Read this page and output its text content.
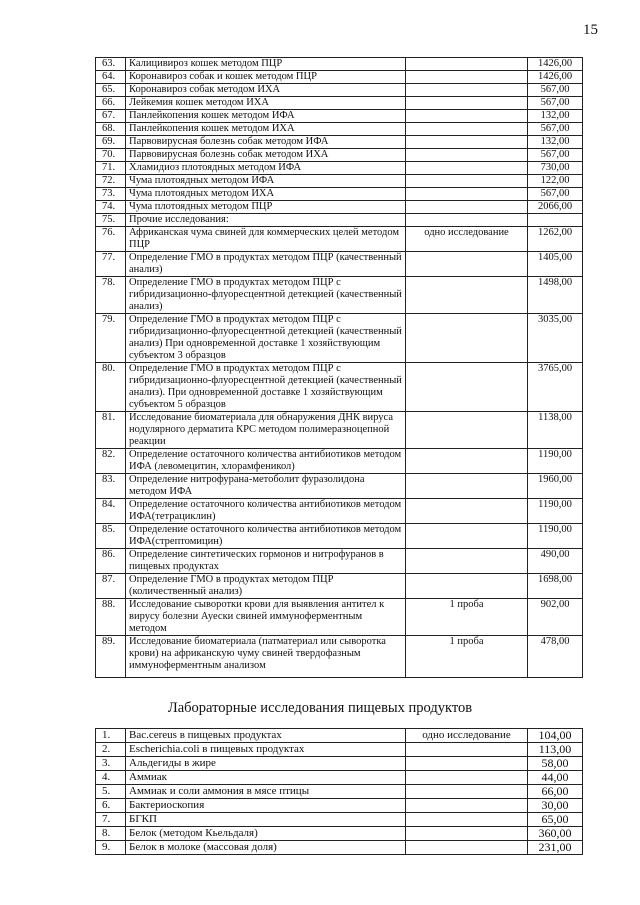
15
63.	Калицивироз кошек методом ПЦР		1426,00
64.	Коронавироз собак и кошек методом ПЦР		1426,00
65.	Коронавироз собак методом ИХА		567,00
66.	Лейкемия кошек методом ИХА		567,00
67.	Панлейкопения кошек методом ИФА		132,00
68.	Панлейкопения кошек методом ИХА		567,00
69.	Парвовирусная болезнь собак методом ИФА		132,00
70.	Парвовирусная болезнь собак методом ИХА		567,00
71.	Хламидиоз плотоядных методом ИФА		730,00
72.	Чума плотоядных методом ИФА		122,00
73.	Чума плотоядных методом ИХА		567,00
74.	Чума плотоядных методом ПЦР		2066,00
75.	Прочие исследования:		
76.	Африканская чума свиней для коммерческих целей методом ПЦР	одно исследование	1262,00
77.	Определение ГМО в продуктах методом ПЦР (качественный анализ)		1405,00
78.	Определение ГМО в продуктах методом ПЦР с гибридизационно-флуоресцентной детекцией (качественный анализ)		1498,00
79.	Определение ГМО в продуктах методом ПЦР с гибридизационно-флуоресцентной детекцией (качественный анализ) При одновременной доставке 1 хозяйствующим субъектом 3 образцов		3035,00
80.	Определение ГМО в продуктах методом ПЦР с гибридизационно-флуоресцентной детекцией (качественный анализ). При одновременной доставке 1 хозяйствующим субъектом 5 образцов		3765,00
81.	Исследование биоматериала для обнаружения ДНК вируса нодулярного дерматита КРС методом полимеразноцепной реакции		1138,00
82.	Определение остаточного количества антибиотиков методом ИФА (левомецитин, хлорамфеникол)		1190,00
83.	Определение нитрофурана-метоболит фуразолидона методом ИФА		1960,00
84.	Определение остаточного количества антибиотиков методом ИФА(тетрациклин)		1190,00
85.	Определение остаточного количества антибиотиков методом ИФА(стрептомицин)		1190,00
86.	Определение синтетических гормонов и нитрофуранов в пищевых продуктах		490,00
87.	Определение ГМО в продуктах методом ПЦР (количественный анализ)		1698,00
88.	Исследование сыворотки крови для выявления антител к вирусу болезни Ауески свиней иммуноферментным методом	1 проба	902,00
89.	Исследование биоматериала (патматериал или сыворотка крови) на африканскую чуму свиней твердофазным иммуноферментным анализом	1 проба	478,00
Лабораторные исследования пищевых продуктов
1.	Bac.cereus в пищевых продуктах	одно исследование	104,00
2.	Escherichia.coli в пищевых продуктах		113,00
3.	Альдегиды в жире		58,00
4.	Аммиак		44,00
5.	Аммиак и соли аммония в мясе птицы		66,00
6.	Бактериоскопия		30,00
7.	БГКП		65,00
8.	Белок (методом Кьельдаля)		360,00
9.	Белок в молоке (массовая доля)		231,00
